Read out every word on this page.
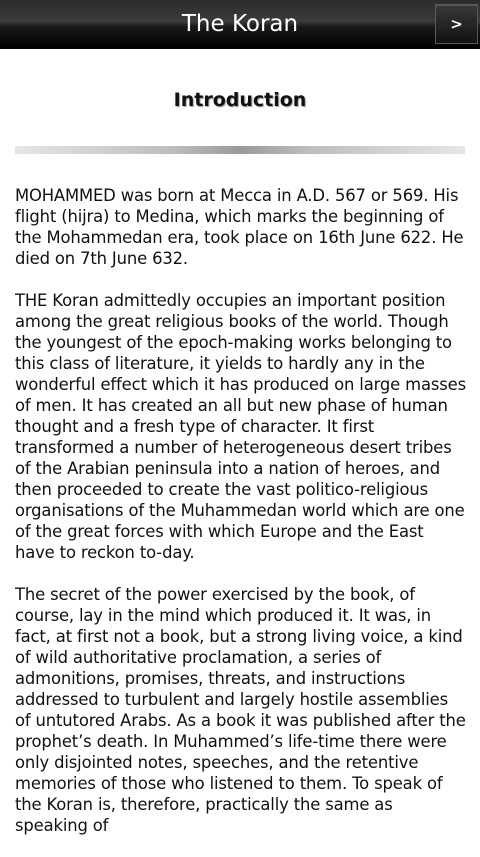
The Koran	>
Introduction

MOHAMMED was born at Mecca in A.D. 567 or 569. His flight (hijra) to Medina, which marks the beginning of the Mohammedan era, took place on 16th June 622. He died on 7th June 632.

THE Koran admittedly occupies an important position among the great religious books of the world. Though the youngest of the epoch-making works belonging to this class of literature, it yields to hardly any in the wonderful effect which it has produced on large masses of men. It has created an all but new phase of human thought and a fresh type of character. It first transformed a number of heterogeneous desert tribes of the Arabian peninsula into a nation of heroes, and then proceeded to create the vast politico-religious organisations of the Muhammedan world which are one of the great forces with which Europe and the East have to reckon to-day.

The secret of the power exercised by the book, of course, lay in the mind which produced it. It was, in fact, at first not a book, but a strong living voice, a kind of wild authoritative proclamation, a series of admonitions, promises, threats, and instructions addressed to turbulent and largely hostile assemblies of untutored Arabs. As a book it was published after the prophet’s death. In Muhammed’s life-time there were only disjointed notes, speeches, and the retentive memories of those who listened to them. To speak of the Koran is, therefore, practically the same as speaking of
